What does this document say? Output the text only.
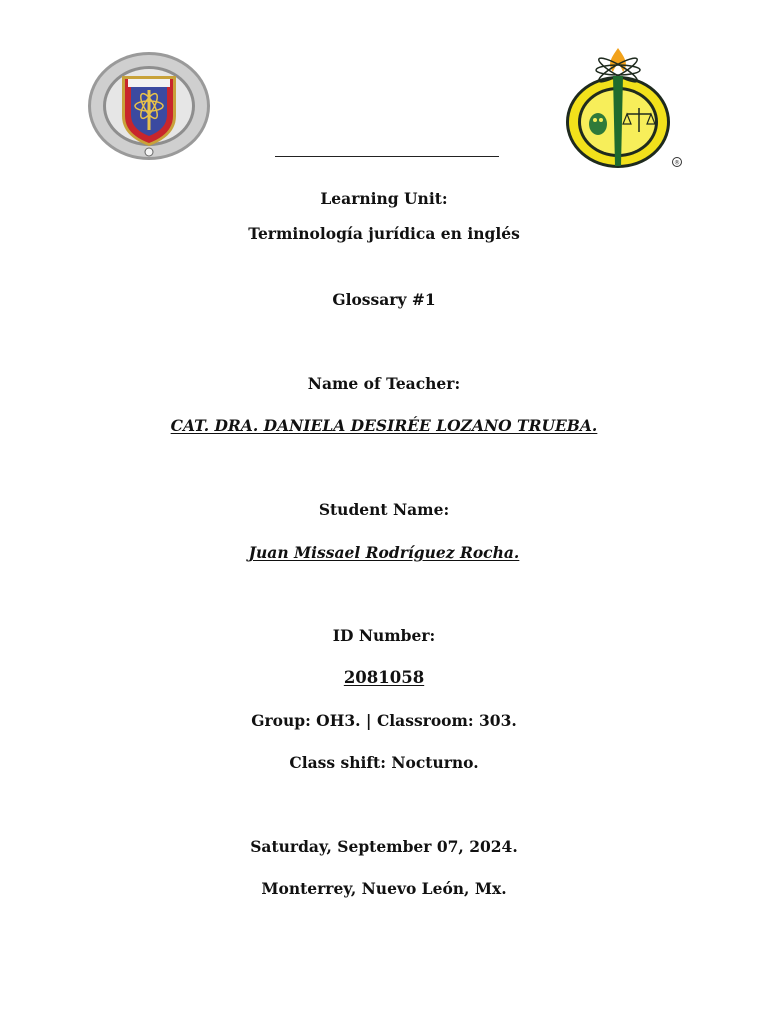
®
Learning Unit:
Terminología jurídica en inglés
Glossary #1
Name of Teacher:
CAT. DRA. DANIELA DESIRÉE LOZANO TRUEBA.
Student Name:
Juan Missael Rodríguez Rocha.
ID Number:
2081058
Group: OH3. | Classroom: 303.
Class shift: Nocturno.
Saturday, September 07, 2024.
Monterrey, Nuevo León, Mx.
